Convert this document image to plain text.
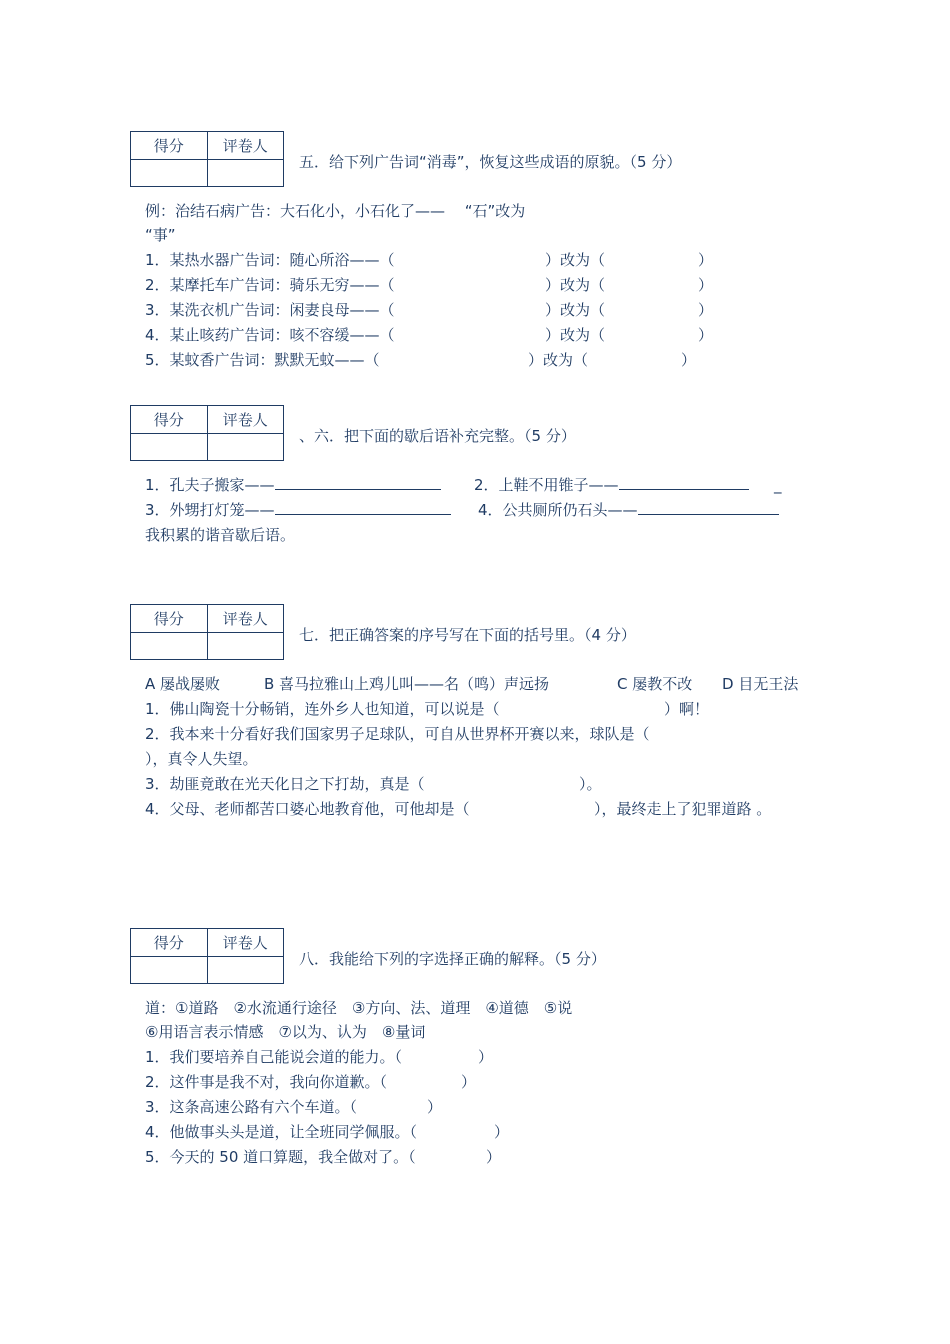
得分	评卷人

五．给下列广告词“消毒”，恢复这些成语的原貌。（5 分）
例：治结石病广告：大石化小，小石化了——　 “石”改为
“事”
1．某热水器广告词：随心所浴——（	）改为（	）
2．某摩托车广告词：骑乐无穷——（	）改为（	）
3．某洗衣机广告词：闲妻良母——（	）改为（	）
4．某止咳药广告词：咳不容缓——（	）改为（	）
5．某蚊香广告词：默默无蚊——（	）改为（	）
得分	评卷人

、六．把下面的歇后语补充完整。（5 分）
1．孔夫子搬家——	2．上鞋不用锥子——	_
3．外甥打灯笼——	4．公共厕所仍石头——
我积累的谐音歇后语。
得分	评卷人

七．把正确答案的序号写在下面的括号里。（4 分）
A 屡战屡败	B 喜马拉雅山上鸡儿叫——名（鸣）声远扬	C 屡教不改 D 目无王法
1．佛山陶瓷十分畅销，连外乡人也知道，可以说是（	）啊！
2．我本来十分看好我们国家男子足球队，可自从世界杯开赛以来，球队是（
），真令人失望。
3．劫匪竟敢在光天化日之下打劫，真是（	）。
4．父母、老师都苦口婆心地教育他，可他却是（	），最终走上了犯罪道路 。
得分	评卷人

八．我能给下列的字选择正确的解释。（5 分）
道：①道路　②水流通行途径　③方向、法、道理　④道德　⑤说
⑥用语言表示情感　⑦以为、认为　⑧量词
1．我们要培养自己能说会道的能力。（	）
2．这件事是我不对，我向你道歉。（	）
3．这条高速公路有六个车道。（	）
4．他做事头头是道，让全班同学佩服。（	）
5．今天的 50 道口算题，我全做对了。（	）
